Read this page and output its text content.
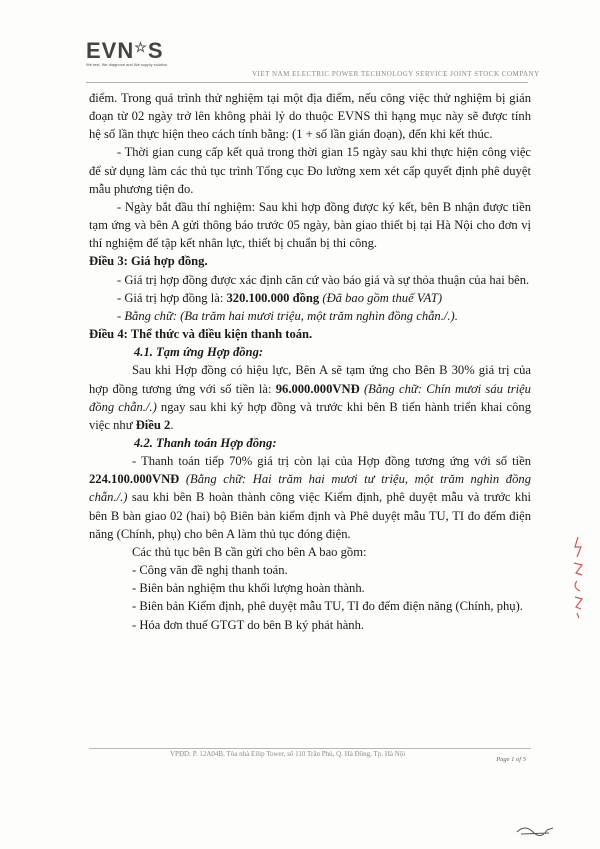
EVN☆S
We test, We diagnose and We supply solution
VIET NAM ELECTRIC POWER TECHNOLOGY SERVICE JOINT STOCK COMPANY

điểm. Trong quá trình thử nghiệm tại một địa điểm, nếu công việc thử nghiệm bị gián đoạn từ 02 ngày trở lên không phải lỷ do thuộc EVNS thì hạng mục này sẽ được tính hệ số lần thực hiện theo cách tính bằng: (1 + số lần gián đoạn), đến khi kết thúc.

- Thời gian cung cấp kết quả trong thời gian 15 ngày sau khi thực hiện công việc để sử dụng làm các thủ tục trình Tổng cục Đo lường xem xét cấp quyết định phê duyệt mẫu phương tiện đo.

- Ngày bắt đầu thí nghiệm: Sau khi hợp đồng được ký kết, bên B nhận được tiền tạm ứng và bên A gửi thông báo trước 05 ngày, bàn giao thiết bị tại Hà Nội cho đơn vị thí nghiệm để tập kết nhân lực, thiết bị chuẩn bị thi công.

Điều 3: Giá hợp đồng.

- Giá trị hợp đồng được xác định căn cứ vào báo giá và sự thỏa thuận của hai bên.

- Giá trị hợp đồng là: 320.100.000 đồng (Đã bao gồm thuế VAT)

- Bằng chữ: (Ba trăm hai mươi triệu, một trăm nghìn đồng chẵn./.).

Điều 4: Thể thức và điều kiện thanh toán.

4.1. Tạm ứng Hợp đồng:

Sau khi Hợp đồng có hiệu lực, Bên A sẽ tạm ứng cho Bên B 30% giá trị của hợp đồng tương ứng với số tiền là: 96.000.000VNĐ (Bằng chữ: Chín mươi sáu triệu đồng chẵn./.) ngay sau khi ký hợp đồng và trước khi bên B tiến hành triển khai công việc như Điều 2.

4.2. Thanh toán Hợp đồng:

- Thanh toán tiếp 70% giá trị còn lại của Hợp đồng tương ứng với số tiền 224.100.000VNĐ (Bằng chữ: Hai trăm hai mươi tư triệu, một trăm nghìn đồng chẵn./.) sau khi bên B hoàn thành công việc Kiểm định, phê duyệt mẫu và trước khi bên B bàn giao 02 (hai) bộ Biên bản kiểm định và Phê duyệt mẫu TU, TI đo đếm điện năng (Chính, phụ) cho bên A làm thủ tục đóng điện.

Các thủ tục bên B cần gửi cho bên A bao gồm:

- Công văn đề nghị thanh toán.

- Biên bản nghiệm thu khối lượng hoàn thành.

- Biên bản Kiểm định, phê duyệt mẫu TU, TI đo đếm điện năng (Chính, phụ).

- Hóa đơn thuế GTGT do bên B ký phát hành.

VPĐD: P. 12A04B, Tòa nhà Eilip Tower, số 110 Trần Phú, Q. Hà Đông, Tp. Hà Nội
Page 1 of 5
